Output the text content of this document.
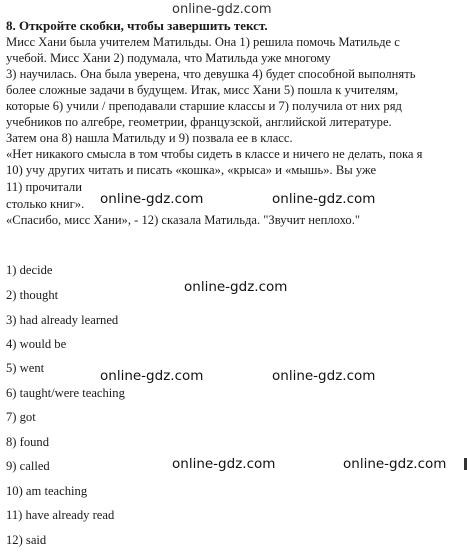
online-gdz.com
8. Откройте скобки, чтобы завершить текст.
Мисс Хани была учителем Матильды. Она 1) решила помочь Матильде с
учебой. Мисс Хани 2) подумала, что Матильда уже многому
3) научилась. Она была уверена, что девушка 4) будет способной выполнять
более сложные задачи в будущем. Итак, мисс Хани 5) пошла к учителям,
которые 6) учили / преподавали старшие классы и 7) получила от них ряд
учебников по алгебре, геометрии, французской, английской литературе.
Затем она 8) нашла Матильду и 9) позвала ее в класс.
«Нет никакого смысла в том чтобы сидеть в классе и ничего не делать, пока я
10) учу других читать и писать «кошка», «крыса» и «мышь». Вы уже
11) прочитали
столько книг».
«Спасибо, мисс Хани», - 12) сказала Матильда. "Звучит неплохо."
online-gdz.com	online-gdz.com
online-gdz.com
online-gdz.com	online-gdz.com
online-gdz.com	online-gdz.com
1) decide
2) thought
3) had already learned
4) would be
5) went
6) taught/were teaching
7) got
8) found
9) called
10) am teaching
11) have already read
12) said
